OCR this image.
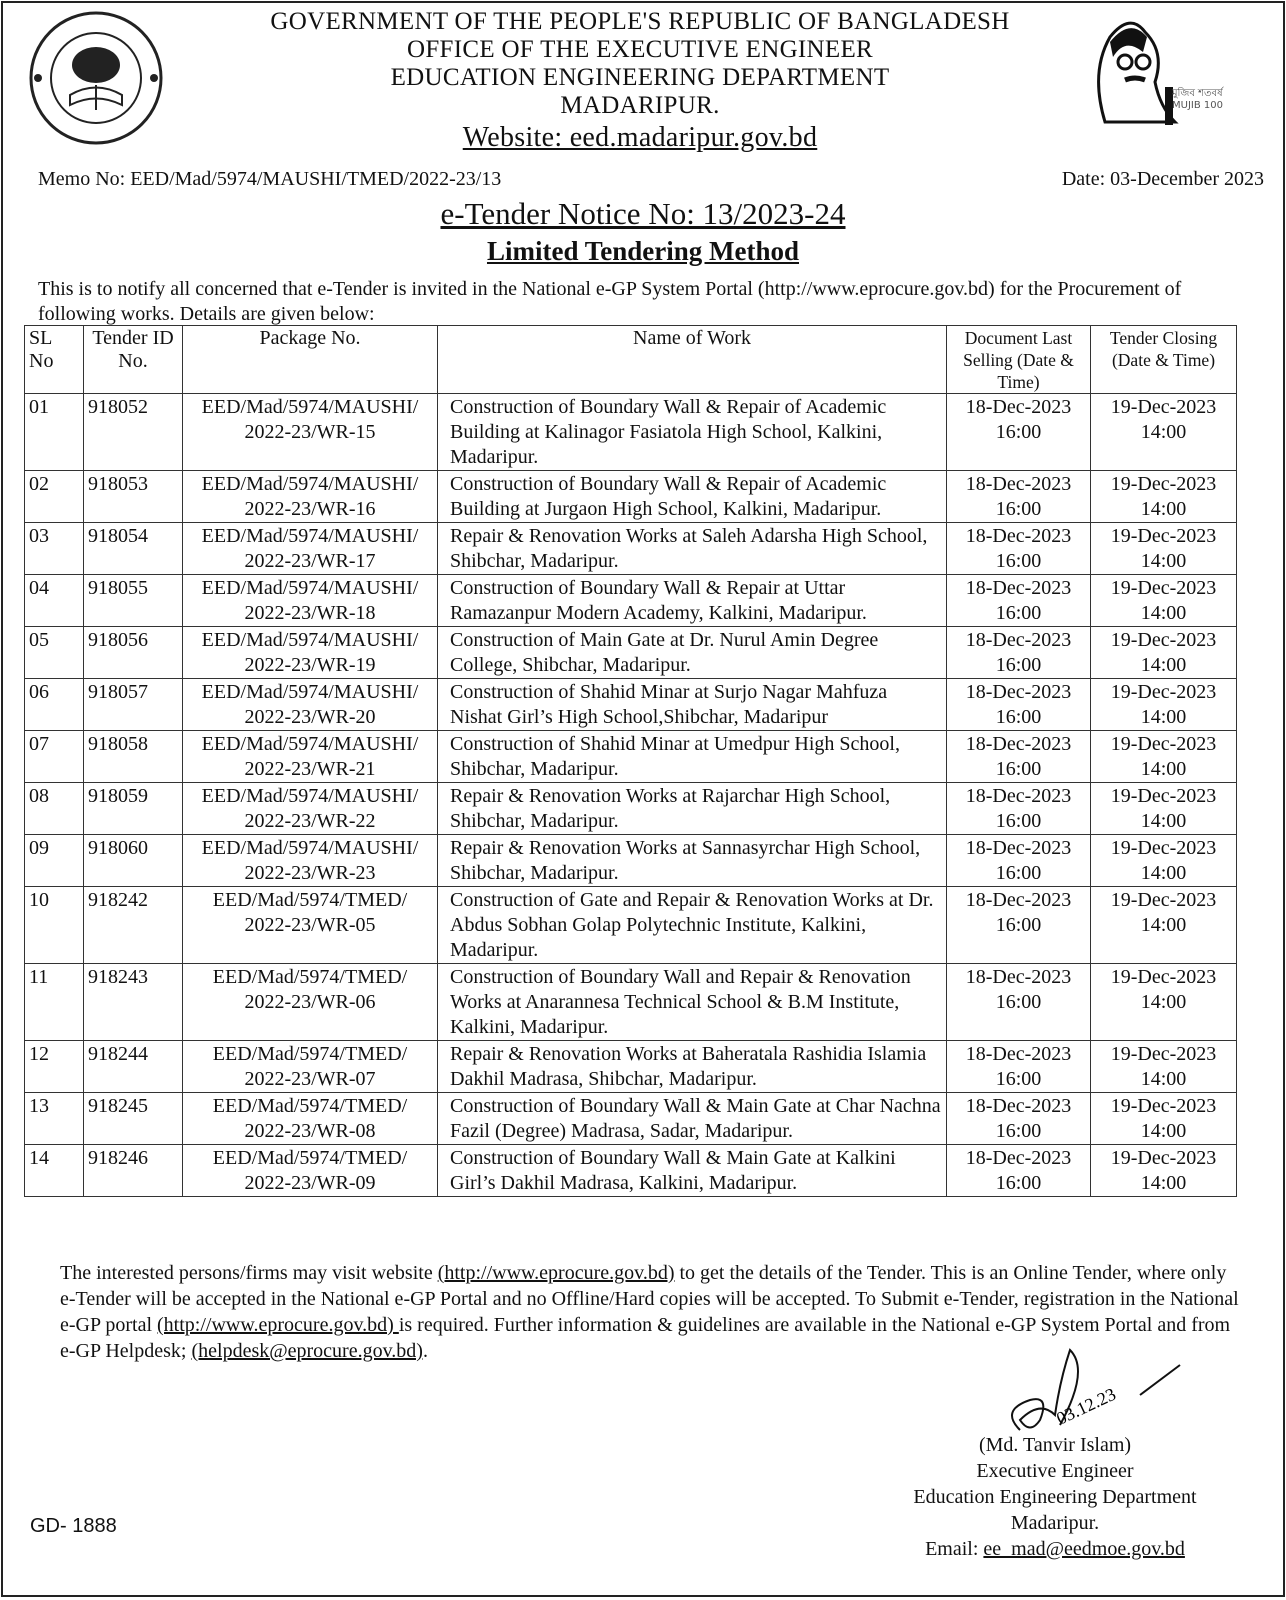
GOVERNMENT OF THE PEOPLE'S REPUBLIC OF BANGLADESH
OFFICE OF THE EXECUTIVE ENGINEER
EDUCATION ENGINEERING DEPARTMENT
MADARIPUR.
Website: eed.madaripur.gov.bd
মুজিব শতবর্ষ MUJIB 100
Memo No: EED/Mad/5974/MAUSHI/TMED/2022-23/13	Date: 03-December 2023
e-Tender Notice No: 13/2023-24
Limited Tendering Method
This is to notify all concerned that e-Tender is invited in the National e-GP System Portal (http://www.eprocure.gov.bd) for the Procurement of following works. Details are given below:
SL No	Tender ID No.	Package No.	Name of Work	Document Last Selling (Date & Time)	Tender Closing (Date & Time)
01	918052	EED/Mad/5974/MAUSHI/ 2022-23/WR-15	Construction of Boundary Wall & Repair of Academic Building at Kalinagor Fasiatola High School, Kalkini, Madaripur.	18-Dec-2023 16:00	19-Dec-2023 14:00
02	918053	EED/Mad/5974/MAUSHI/ 2022-23/WR-16	Construction of Boundary Wall & Repair of Academic Building at Jurgaon High School, Kalkini, Madaripur.	18-Dec-2023 16:00	19-Dec-2023 14:00
03	918054	EED/Mad/5974/MAUSHI/ 2022-23/WR-17	Repair & Renovation Works at Saleh Adarsha High School, Shibchar, Madaripur.	18-Dec-2023 16:00	19-Dec-2023 14:00
04	918055	EED/Mad/5974/MAUSHI/ 2022-23/WR-18	Construction of Boundary Wall & Repair at Uttar Ramazanpur Modern Academy, Kalkini, Madaripur.	18-Dec-2023 16:00	19-Dec-2023 14:00
05	918056	EED/Mad/5974/MAUSHI/ 2022-23/WR-19	Construction of Main Gate at Dr. Nurul Amin Degree College, Shibchar, Madaripur.	18-Dec-2023 16:00	19-Dec-2023 14:00
06	918057	EED/Mad/5974/MAUSHI/ 2022-23/WR-20	Construction of Shahid Minar at Surjo Nagar Mahfuza Nishat Girl’s High School,Shibchar, Madaripur	18-Dec-2023 16:00	19-Dec-2023 14:00
07	918058	EED/Mad/5974/MAUSHI/ 2022-23/WR-21	Construction of Shahid Minar at Umedpur High School, Shibchar, Madaripur.	18-Dec-2023 16:00	19-Dec-2023 14:00
08	918059	EED/Mad/5974/MAUSHI/ 2022-23/WR-22	Repair & Renovation Works at Rajarchar High School, Shibchar, Madaripur.	18-Dec-2023 16:00	19-Dec-2023 14:00
09	918060	EED/Mad/5974/MAUSHI/ 2022-23/WR-23	Repair & Renovation Works at Sannasyrchar High School, Shibchar, Madaripur.	18-Dec-2023 16:00	19-Dec-2023 14:00
10	918242	EED/Mad/5974/TMED/ 2022-23/WR-05	Construction of Gate and Repair & Renovation Works at Dr. Abdus Sobhan Golap Polytechnic Institute, Kalkini, Madaripur.	18-Dec-2023 16:00	19-Dec-2023 14:00
11	918243	EED/Mad/5974/TMED/ 2022-23/WR-06	Construction of Boundary Wall and Repair & Renovation Works at Anarannesa Technical School & B.M Institute, Kalkini, Madaripur.	18-Dec-2023 16:00	19-Dec-2023 14:00
12	918244	EED/Mad/5974/TMED/ 2022-23/WR-07	Repair & Renovation Works at Baheratala Rashidia Islamia Dakhil Madrasa, Shibchar, Madaripur.	18-Dec-2023 16:00	19-Dec-2023 14:00
13	918245	EED/Mad/5974/TMED/ 2022-23/WR-08	Construction of Boundary Wall & Main Gate at Char Nachna Fazil (Degree) Madrasa, Sadar, Madaripur.	18-Dec-2023 16:00	19-Dec-2023 14:00
14	918246	EED/Mad/5974/TMED/ 2022-23/WR-09	Construction of Boundary Wall & Main Gate at Kalkini Girl’s Dakhil Madrasa, Kalkini, Madaripur.	18-Dec-2023 16:00	19-Dec-2023 14:00
The interested persons/firms may visit website (http://www.eprocure.gov.bd) to get the details of the Tender. This is an Online Tender, where only e-Tender will be accepted in the National e-GP Portal and no Offline/Hard copies will be accepted. To Submit e-Tender, registration in the National e-GP portal (http://www.eprocure.gov.bd) is required. Further information & guidelines are available in the National e-GP System Portal and from e-GP Helpdesk; (helpdesk@eprocure.gov.bd).
03.12.23
(Md. Tanvir Islam)
Executive Engineer
Education Engineering Department
Madaripur.
Email: ee_mad@eedmoe.gov.bd
GD- 1888
